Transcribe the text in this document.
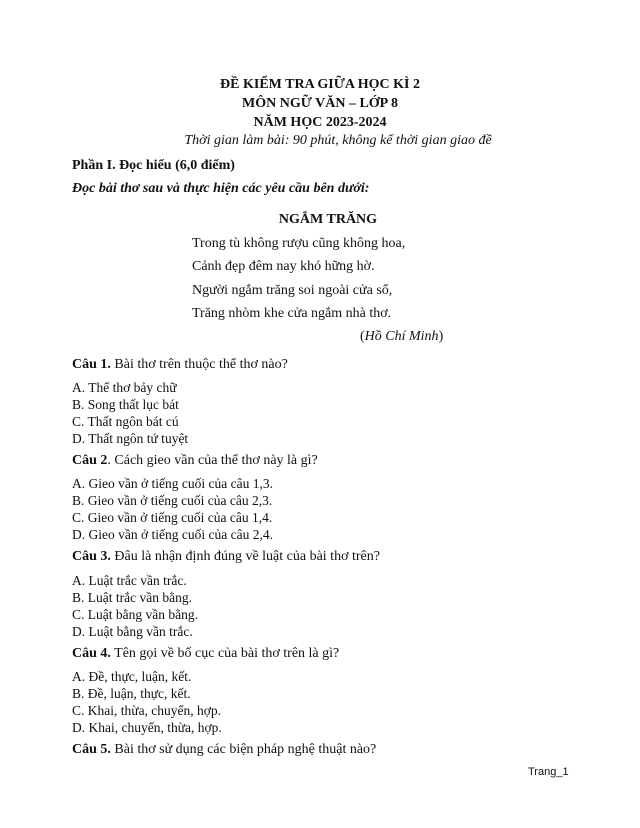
ĐỀ KIỂM TRA GIỮA HỌC KÌ 2
MÔN NGỮ VĂN – LỚP 8
NĂM HỌC 2023-2024
Thời gian làm bài: 90 phút, không kể thời gian giao đề
Phần I. Đọc hiểu (6,0 điểm)
Đọc bài thơ sau và thực hiện các yêu cầu bên dưới:
NGẮM TRĂNG
Trong tù không rượu cũng không hoa,
Cảnh đẹp đêm nay khó hững hờ.
Người ngắm trăng soi ngoài cửa sổ,
Trăng nhòm khe cửa ngắm nhà thơ.
(Hồ Chí Minh)
Câu 1. Bài thơ trên thuộc thể thơ nào?
A. Thể thơ bảy chữ
B. Song thất lục bát
C. Thất ngôn bát cú
D. Thất ngôn tứ tuyệt
Câu 2. Cách gieo vần của thể thơ này là gì?
A. Gieo vần ở tiếng cuối của câu 1,3.
B. Gieo vần ở tiếng cuối của câu 2,3.
C. Gieo vần ở tiếng cuối của câu 1,4.
D. Gieo vần ở tiếng cuối của câu 2,4.
Câu 3. Đâu là nhận định đúng về luật của bài thơ trên?
A. Luật trắc vần trắc.
B. Luật trắc vần bằng.
C. Luật bằng vần bằng.
D. Luật bằng vần trắc.
Câu 4. Tên gọi về bố cục của bài thơ trên là gì?
A. Đề, thực, luận, kết.
B. Đề, luận, thực, kết.
C. Khai, thừa, chuyển, hợp.
D. Khai, chuyển, thừa, hợp.
Câu 5. Bài thơ sử dụng các biện pháp nghệ thuật nào?
Trang_1
